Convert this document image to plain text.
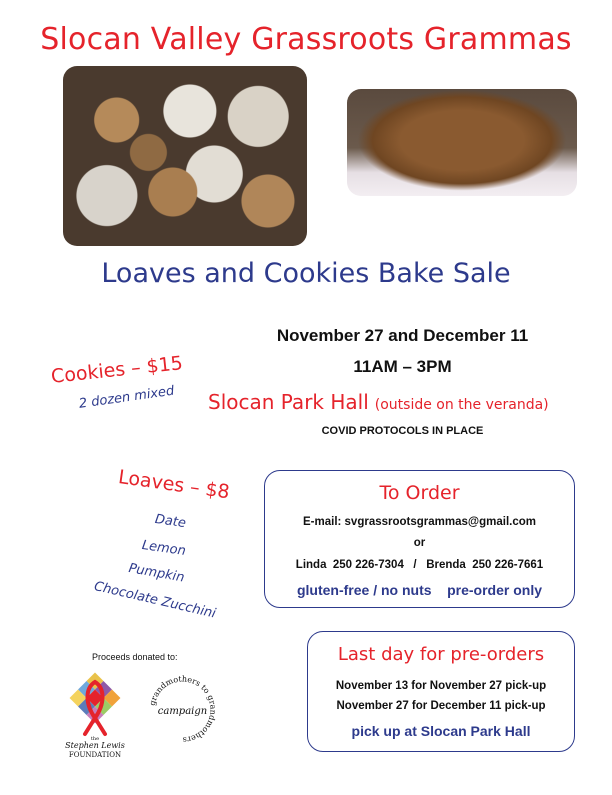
Slocan Valley Grassroots Grammas
Loaves and Cookies Bake Sale
November 27 and December 11
11AM – 3PM
Slocan Park Hall (outside on the veranda)
COVID PROTOCOLS IN PLACE
Cookies – $15
2 dozen mixed
Loaves – $8
Date
Lemon
Pumpkin
Chocolate Zucchini
To Order
E-mail: svgrassrootsgrammas@gmail.com
or
Linda  250 226-7304   /   Brenda  250 226-7661
gluten-free / no nuts    pre-order only
Last day for pre-orders
November 13 for November 27 pick-up
November 27 for December 11 pick-up
pick up at Slocan Park Hall
Proceeds donated to:
the
Stephen Lewis
FOUNDATION
grandmothers to grandmothers
campaign
